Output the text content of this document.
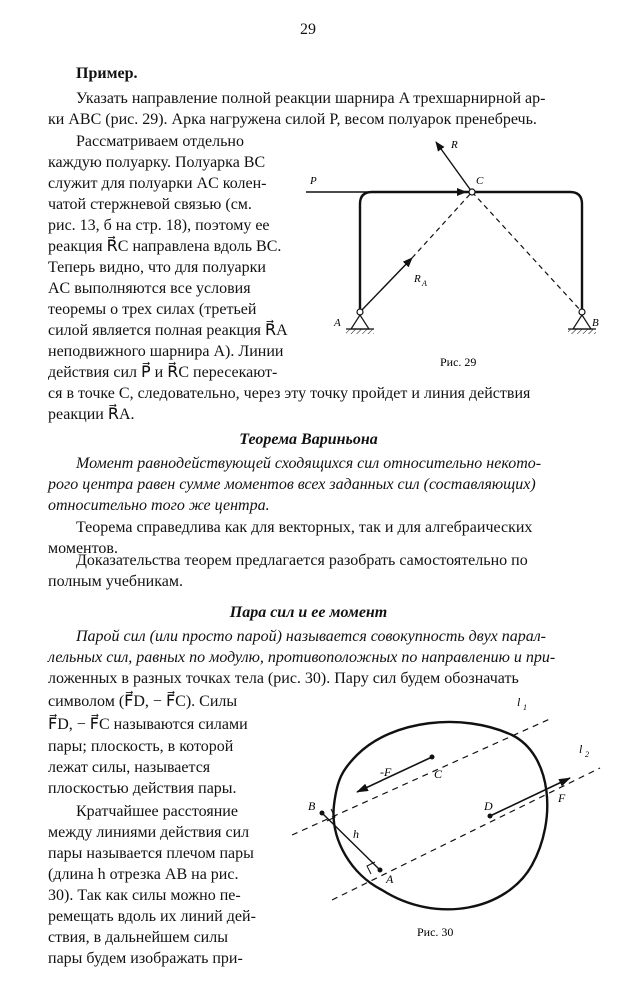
29
Пример.
Указать направление полной реакции шарнира A трехшарнирной ар-
ки ABC (рис. 29). Арка нагружена силой P, весом полуарок пренебречь.
Рассматриваем отдельно
каждую полуарку. Полуарка BC
служит для полуарки AC колен-
чатой стержневой связью (см.
рис. 13, б на стр. 18), поэтому ее
реакция R⃗C направлена вдоль BC.
Теперь видно, что для полуарки
AC выполняются все условия
теоремы о трех силах (третьей
силой является полная реакция R⃗A
неподвижного шарнира A). Линии
действия сил P⃗ и R⃗C пересекают-
ся в точке C, следовательно, через эту точку пройдет и линия действия
реакции R⃗A.
R
P	C
R A
A	B
Рис. 29
Теорема Вариньона
Момент равнодействующей сходящихся сил относительно некото-
рого центра равен сумме моментов всех заданных сил (составляющих)
относительно того же центра.
Теорема справедлива как для векторных, так и для алгебраических
моментов.
Доказательства теорем предлагается разобрать самостоятельно по
полным учебникам.
Пара сил и ее момент
Парой сил (или просто парой) называется совокупность двух парал-
лельных сил, равных по модулю, противоположных по направлению и при-
ложенных в разных точках тела (рис. 30). Пару сил будем обозначать
символом (F⃗D, − F⃗C). Силы
F⃗D, − F⃗C называются силами
пары; плоскость, в которой
лежат силы, называется
плоскостью действия пары.
Кратчайшее расстояние
между линиями действия сил
пары называется плечом пары
(длина h отрезка AB на рис.
30). Так как силы можно пе-
ремещать вдоль их линий дей-
ствия, в дальнейшем силы
пары будем изображать при-
l 1
l 2
-F	C
D
F
B
h
A
Рис. 30
